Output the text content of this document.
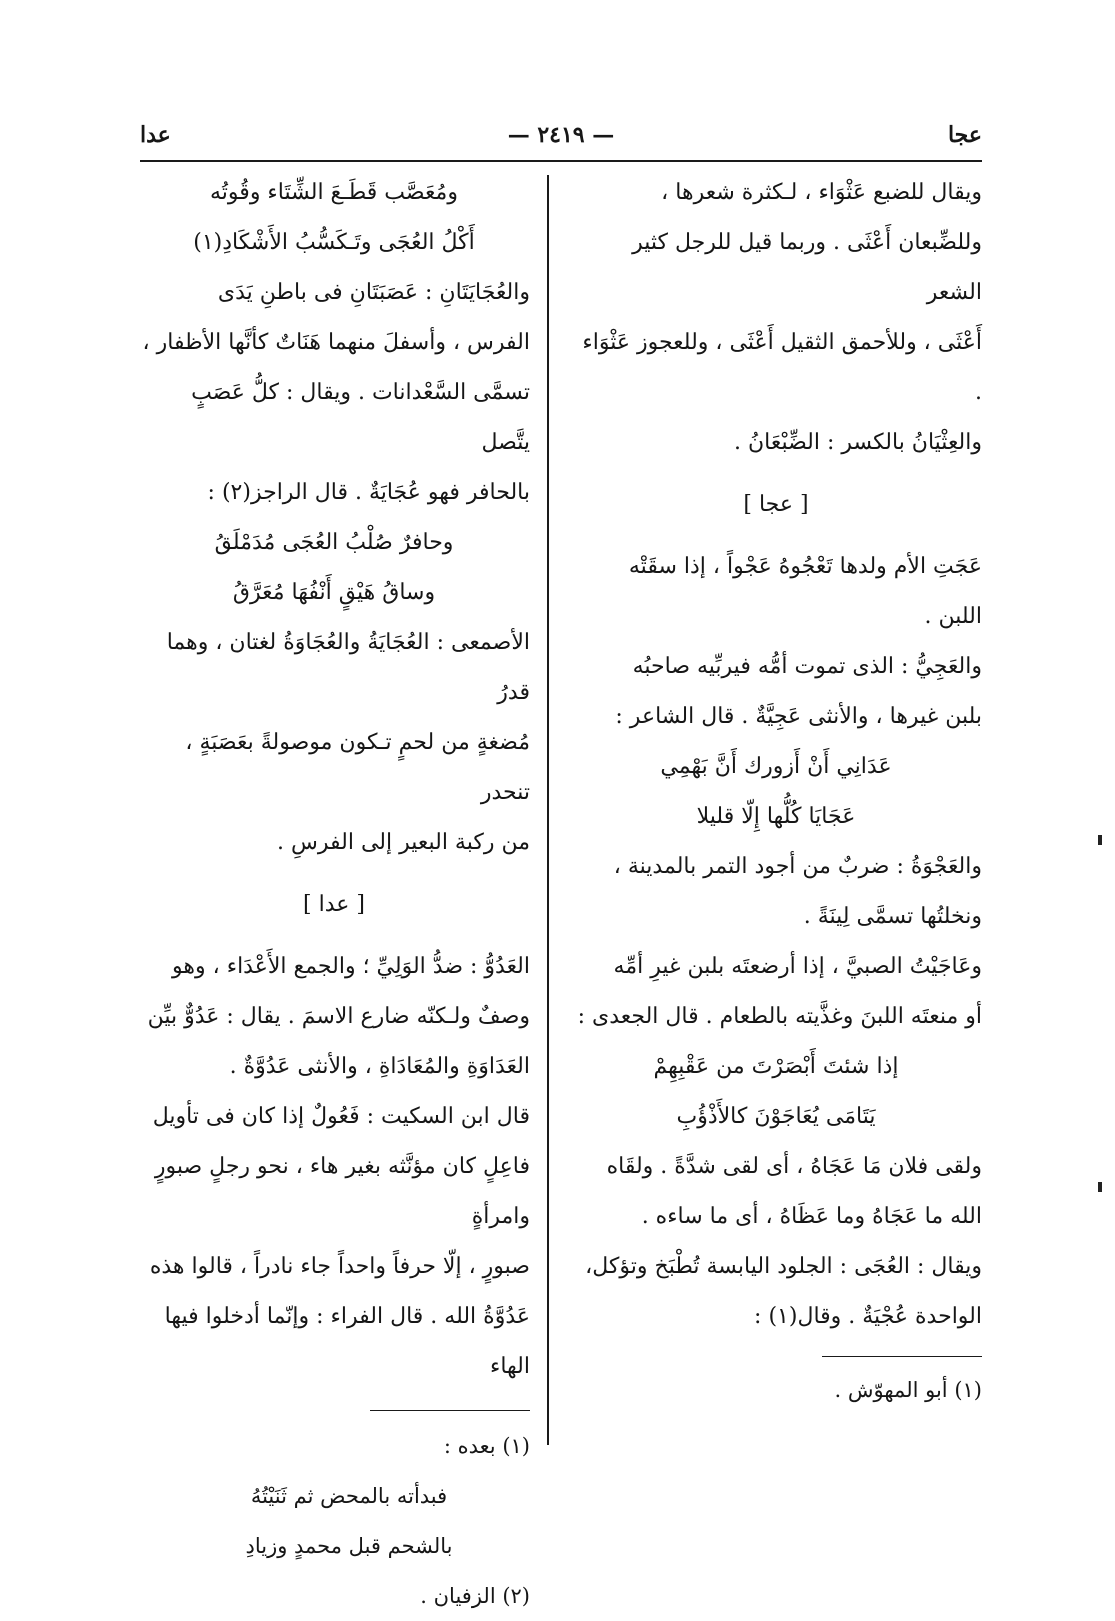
عجا
— ٢٤١٩ —
عدا

ويقال للضبع عَثْوَاء ، لـكثرة شعرها ،

وللضِّبعان أَعْثَى . وربما قيل للرجل كثير الشعر

أَعْثَى ، وللأحمق الثقيل أَعْثَى ، وللعجوز عَثْوَاء .

والعِثْيَانُ بالكسر : الضِّبْعَانُ .

[ عجا ]

عَجَتِ الأم ولدها تَعْجُوهُ عَجْواً ، إذا سقَتْه

اللبن .

والعَجِيُّ : الذى تموت أمُّه فيربِّيه صاحبُه

بلبن غيرها ، والأنثى عَجِيَّةٌ . قال الشاعر :

عَدَانِي أَنْ أَزورك أَنَّ بَهْمِي

عَجَايَا كُلُّها إِلّا قليلا

والعَجْوَةُ : ضربٌ من أجود التمر بالمدينة ،

ونخلتُها تسمَّى لِينَةً .

وعَاجَيْتُ الصبيَّ ، إذا أرضعتَه بلبن غيرِ أمِّه

أو منعتَه اللبنَ وغذَّيته بالطعام . قال الجعدى :

إذا شئتَ أَبْصَرْتَ من عَقْبِهِمْ

يَتَامَى يُعَاجَوْنَ كالأَذْؤُبِ

ولقى فلان مَا عَجَاهُ ، أى لقى شدَّةً . ولقَاه

الله ما عَجَاهُ وما عَظَاهُ ، أى ما ساءه .

ويقال : العُجَى : الجلود اليابسة تُطْبَخ وتؤكل،

الواحدة عُجْيَةٌ . وقال(١) :

(١) أبو المهوّش .

ومُعَصَّب قَطَـعَ الشِّتَاء وقُوتُه

أَكْلُ العُجَى وتَـكَسُّبُ الأَشْكَادِ(١)

والعُجَايَتَانِ : عَصَبَتَانِ فى باطنِ يَدَى

الفرس ، وأسفلَ منهما هَنَاتٌ كأنَّها الأظفار ،

تسمَّى السَّعْدانات . ويقال : كلُّ عَصَبٍ يتَّصل

بالحافر فهو عُجَايَةٌ . قال الراجز(٢) :

وحافرٌ صُلْبُ العُجَى مُدَمْلَقُ

وساقُ هَيْقٍ أَنْفُهَا مُعَرَّقُ

الأصمعى : العُجَايَةُ والعُجَاوَةُ لغتان ، وهما قدرُ

مُضغةٍ من لحمٍ تـكون موصولةً بعَصَبَةٍ ، تنحدر

من ركبة البعير إلى الفرسِ .

[ عدا ]

العَدُوُّ : ضدُّ الوَلِيِّ ؛ والجمع الأَعْدَاء ، وهو

وصفٌ ولـكنّه ضارع الاسمَ . يقال : عَدُوٌّ بيِّن

العَدَاوَةِ والمُعَادَاةِ ، والأنثى عَدُوَّةٌ .

قال ابن السكيت : فَعُولٌ إذا كان فى تأويل

فاعِلٍ كان مؤنَّثه بغير هاء ، نحو رجلٍ صبورٍ وامرأةٍ

صبورٍ ، إلّا حرفاً واحداً جاء نادراً ، قالوا هذه

عَدُوَّةُ الله . قال الفراء : وإنّما أدخلوا فيها الهاء

(١) بعده :

فبدأته بالمحض ثم ثَنَيْتُهُ

بالشحم قبل محمدٍ وزيادِ

(٢) الزفيان .
